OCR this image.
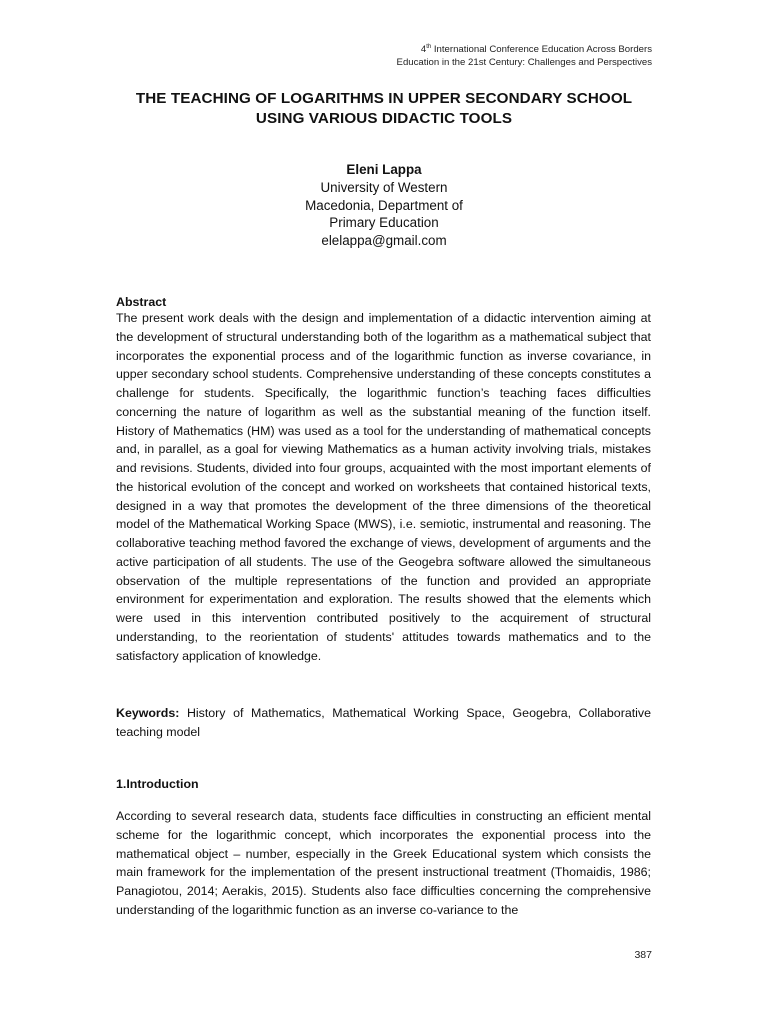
4th International Conference Education Across Borders
Education in the 21st Century: Challenges and Perspectives
THE TEACHING OF LOGARITHMS IN UPPER SECONDARY SCHOOL USING VARIOUS DIDACTIC TOOLS
Eleni Lappa
University of Western
Macedonia, Department of
Primary Education
elelappa@gmail.com
Abstract
The present work deals with the design and implementation of a didactic intervention aiming at the development of structural understanding both of the logarithm as a mathematical subject that incorporates the exponential process and of the logarithmic function as inverse covariance, in upper secondary school students. Comprehensive understanding of these concepts constitutes a challenge for students. Specifically, the logarithmic function’s teaching faces difficulties concerning the nature of logarithm as well as the substantial meaning of the function itself. History of Mathematics (HM) was used as a tool for the understanding of mathematical concepts and, in parallel, as a goal for viewing Mathematics as a human activity involving trials, mistakes and revisions. Students, divided into four groups, acquainted with the most important elements of the historical evolution of the concept and worked on worksheets that contained historical texts, designed in a way that promotes the development of the three dimensions of the theoretical model of the Mathematical Working Space (MWS), i.e. semiotic, instrumental and reasoning. The collaborative teaching method favored the exchange of views, development of arguments and the active participation of all students. The use of the Geogebra software allowed the simultaneous observation of the multiple representations of the function and provided an appropriate environment for experimentation and exploration. The results showed that the elements which were used in this intervention contributed positively to the acquirement of structural understanding, to the reorientation of students' attitudes towards mathematics and to the satisfactory application of knowledge.
Keywords: History of Mathematics, Mathematical Working Space, Geogebra, Collaborative teaching model
1.Introduction
According to several research data, students face difficulties in constructing an efficient mental scheme for the logarithmic concept, which incorporates the exponential process into the mathematical object – number, especially in the Greek Educational system which consists the main framework for the implementation of the present instructional treatment (Thomaidis, 1986; Panagiotou, 2014; Aerakis, 2015). Students also face difficulties concerning the comprehensive understanding of the logarithmic function as an inverse co-variance to the
387
